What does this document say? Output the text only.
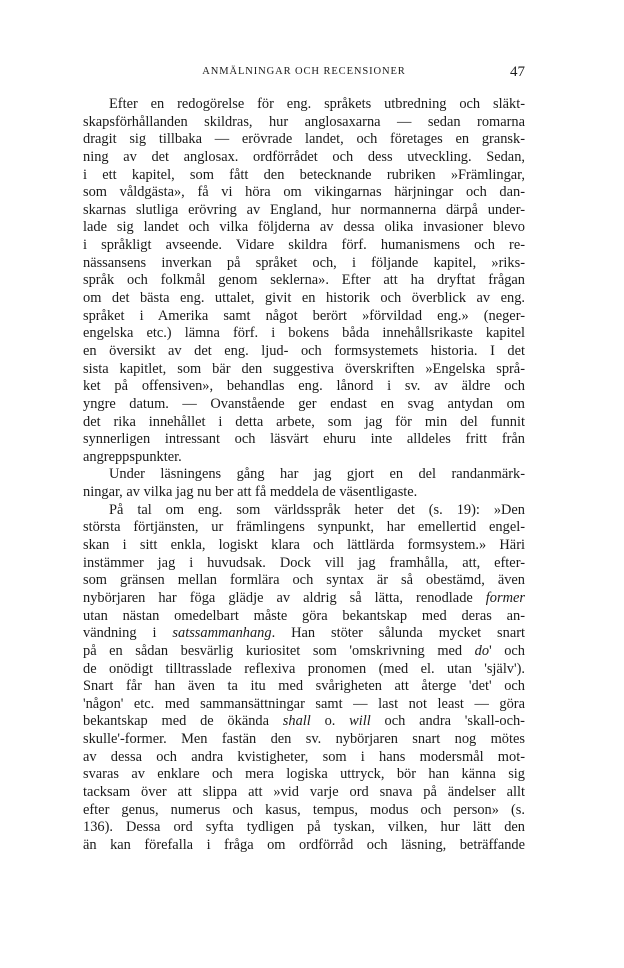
ANMÄLNINGAR OCH RECENSIONER	47

Efter en redogörelse för eng. språkets utbredning och släkt-
skapsförhållanden skildras, hur anglosaxarna — sedan romarna
dragit sig tillbaka — erövrade landet, och företages en gransk-
ning av det anglosax. ordförrådet och dess utveckling. Sedan,
i ett kapitel, som fått den betecknande rubriken »Främlingar,
som våldgästa», få vi höra om vikingarnas härjningar och dan-
skarnas slutliga erövring av England, hur normannerna därpå under-
lade sig landet och vilka följderna av dessa olika invasioner blevo
i språkligt avseende. Vidare skildra förf. humanismens och re-
nässansens inverkan på språket och, i följande kapitel, »riks-
språk och folkmål genom seklerna». Efter att ha dryftat frågan
om det bästa eng. uttalet, givit en historik och överblick av eng.
språket i Amerika samt något berört »förvildad eng.» (neger-
engelska etc.) lämna förf. i bokens båda innehållsrikaste kapitel
en översikt av det eng. ljud- och formsystemets historia. I det
sista kapitlet, som bär den suggestiva överskriften »Engelska språ-
ket på offensiven», behandlas eng. lånord i sv. av äldre och
yngre datum. — Ovanstående ger endast en svag antydan om
det rika innehållet i detta arbete, som jag för min del funnit
synnerligen intressant och läsvärt ehuru inte alldeles fritt från
angreppspunkter.

Under läsningens gång har jag gjort en del randanmärk-
ningar, av vilka jag nu ber att få meddela de väsentligaste.

På tal om eng. som världsspråk heter det (s. 19): »Den
största förtjänsten, ur främlingens synpunkt, har emellertid engel-
skan i sitt enkla, logiskt klara och lättlärda formsystem.» Häri
instämmer jag i huvudsak. Dock vill jag framhålla, att, efter-
som gränsen mellan formlära och syntax är så obestämd, även
nybörjaren har föga glädje av aldrig så lätta, renodlade former
utan nästan omedelbart måste göra bekantskap med deras an-
vändning i satssammanhang. Han stöter sålunda mycket snart
på en sådan besvärlig kuriositet som 'omskrivning med do' och
de onödigt tilltrasslade reflexiva pronomen (med el. utan 'själv').
Snart får han även ta itu med svårigheten att återge 'det' och
'någon' etc. med sammansättningar samt — last not least — göra
bekantskap med de ökända shall o. will och andra 'skall-och-
skulle'-former. Men fastän den sv. nybörjaren snart nog mötes
av dessa och andra kvistigheter, som i hans modersmål mot-
svaras av enklare och mera logiska uttryck, bör han känna sig
tacksam över att slippa att »vid varje ord snava på ändelser allt
efter genus, numerus och kasus, tempus, modus och person» (s.
136). Dessa ord syfta tydligen på tyskan, vilken, hur lätt den
än kan förefalla i fråga om ordförråd och läsning, beträffande
